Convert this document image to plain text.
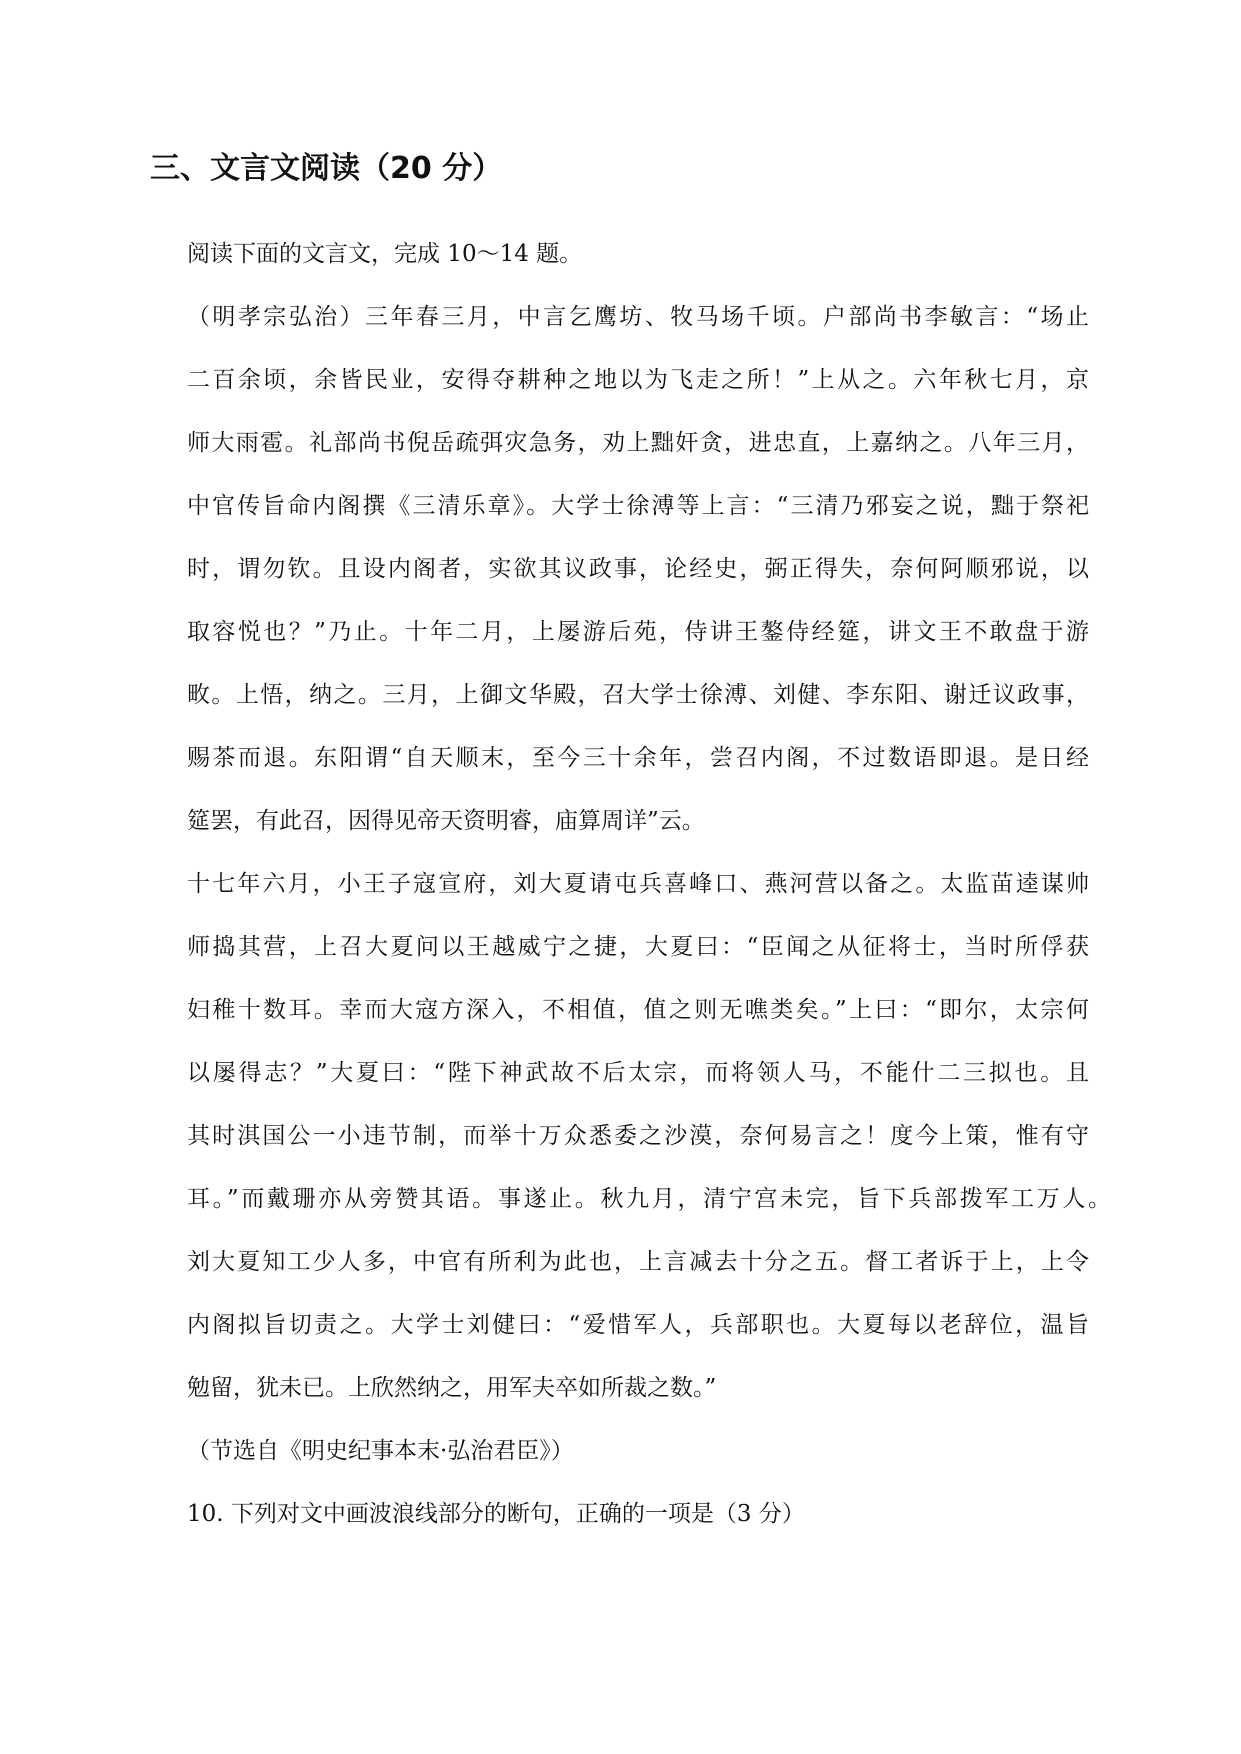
三、文言文阅读（20 分）
阅读下面的文言文，完成 10～14 题。
（明孝宗弘治）三年春三月，中言乞鹰坊、牧马场千顷。户部尚书李敏言：“场止
二百余顷，余皆民业，安得夺耕种之地以为飞走之所！”上从之。六年秋七月，京
师大雨雹。礼部尚书倪岳疏弭灾急务，劝上黜奸贪，进忠直，上嘉纳之。八年三月，
中官传旨命内阁撰《三清乐章》。大学士徐溥等上言：“三清乃邪妄之说，黜于祭祀
时，谓勿钦。且设内阁者，实欲其议政事，论经史，弼正得失，奈何阿顺邪说，以
取容悦也？”乃止。十年二月，上屡游后苑，侍讲王鏊侍经筵，讲文王不敢盘于游
畋。上悟，纳之。三月，上御文华殿，召大学士徐溥、刘健、李东阳、谢迁议政事，
赐茶而退。东阳谓“自天顺末，至今三十余年，尝召内阁，不过数语即退。是日经
筵罢，有此召，因得见帝天资明睿，庙算周详”云。
十七年六月，小王子寇宣府，刘大夏请屯兵喜峰口、燕河营以备之。太监苗逵谋帅
师捣其营，上召大夏问以王越威宁之捷，大夏曰：“臣闻之从征将士，当时所俘获
妇稚十数耳。幸而大寇方深入，不相值，值之则无噍类矣。”上曰：“即尔，太宗何
以屡得志？”大夏曰：“陛下神武故不后太宗，而将领人马，不能什二三拟也。且
其时淇国公一小违节制，而举十万众悉委之沙漠，奈何易言之！度今上策，惟有守
耳。”而戴珊亦从旁赞其语。事遂止。秋九月，清宁宫未完，旨下兵部拨军工万人。
刘大夏知工少人多，中官有所利为此也，上言减去十分之五。督工者诉于上，上令
内阁拟旨切责之。大学士刘健曰：“爱惜军人，兵部职也。大夏每以老辞位，温旨
勉留，犹未已。上欣然纳之，用军夫卒如所裁之数。”
（节选自《明史纪事本末·弘治君臣》）
10. 下列对文中画波浪线部分的断句，正确的一项是（3 分）
